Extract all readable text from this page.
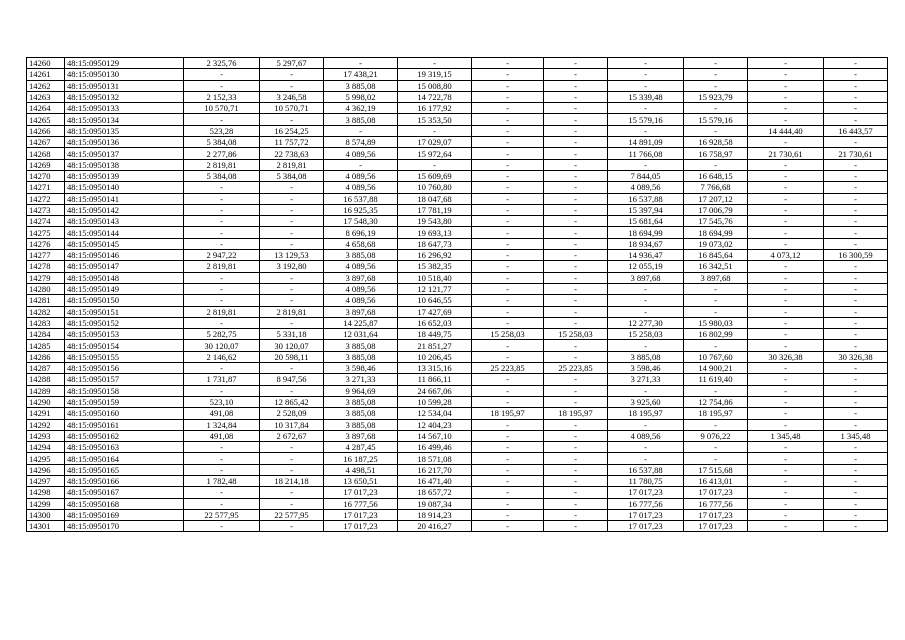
14260	48:15:0950129	2 325,76	5 297,67	-	-	-	-	-	-	-	-
14261	48:15:0950130	-	-	17 438,21	19 319,15	-	-	-	-	-	-
14262	48:15:0950131	-	-	3 885,08	15 008,80	-	-	-	-	-	-
14263	48:15:0950132	2 152,33	3 246,58	5 998,02	14 722,78	-	-	15 339,48	15 923,79	-	-
14264	48:15:0950133	10 570,71	10 570,71	4 362,19	16 177,92	-	-	-	-	-	-
14265	48:15:0950134	-	-	3 885,08	15 353,50	-	-	15 579,16	15 579,16	-	-
14266	48:15:0950135	523,28	16 254,25	-	-	-	-	-	-	14 444,40	16 443,57
14267	48:15:0950136	5 384,08	11 757,72	8 574,89	17 029,07	-	-	14 891,09	16 928,58	-	-
14268	48:15:0950137	2 277,86	22 738,63	4 089,56	15 972,64	-	-	11 766,08	16 758,97	21 730,61	21 730,61
14269	48:15:0950138	2 819,81	2 819,81	-	-	-	-	-	-	-	-
14270	48:15:0950139	5 384,08	5 384,08	4 089,56	15 609,69	-	-	7 844,05	16 648,15	-	-
14271	48:15:0950140	-	-	4 089,56	10 760,80	-	-	4 089,56	7 766,68	-	-
14272	48:15:0950141	-	-	16 537,88	18 047,68	-	-	16 537,88	17 207,12	-	-
14273	48:15:0950142	-	-	16 925,35	17 781,19	-	-	15 397,94	17 006,79	-	-
14274	48:15:0950143	-	-	17 548,30	19 543,80	-	-	15 681,64	17 545,76	-	-
14275	48:15:0950144	-	-	8 696,19	19 693,13	-	-	18 694,99	18 694,99	-	-
14276	48:15:0950145	-	-	4 658,68	18 647,73	-	-	18 934,67	19 073,02	-	-
14277	48:15:0950146	2 947,22	13 129,53	3 885,08	16 296,92	-	-	14 936,47	16 845,64	4 073,12	16 300,59
14278	48:15:0950147	2 819,81	3 192,80	4 089,56	15 382,35	-	-	12 055,19	16 342,51	-	-
14279	48:15:0950148	-	-	3 897,68	10 518,40	-	-	3 897,68	3 897,68	-	-
14280	48:15:0950149	-	-	4 089,56	12 121,77	-	-	-	-	-	-
14281	48:15:0950150	-	-	4 089,56	10 646,55	-	-	-	-	-	-
14282	48:15:0950151	2 819,81	2 819,81	3 897,68	17 427,69	-	-	-	-	-	-
14283	48:15:0950152	-	-	14 225,87	16 652,03	-	-	12 277,30	15 980,03	-	-
14284	48:15:0950153	5 282,75	5 331,18	12 031,64	18 449,75	15 258,03	15 258,03	15 258,03	16 802,99	-	-
14285	48:15:0950154	30 120,07	30 120,07	3 885,08	21 851,27	-	-	-	-	-	-
14286	48:15:0950155	2 146,62	20 598,11	3 885,08	10 206,45	-	-	3 885,08	10 767,60	30 326,38	30 326,38
14287	48:15:0950156	-	-	3 598,46	13 315,16	25 223,85	25 223,85	3 598,46	14 900,21	-	-
14288	48:15:0950157	1 731,87	8 947,56	3 271,33	11 866,11	-	-	3 271,33	11 619,40	-	-
14289	48:15:0950158	-	-	9 964,69	24 667,06	-	-	-	-	-	-
14290	48:15:0950159	523,10	12 865,42	3 885,08	10 599,28	-	-	3 925,60	12 754,86	-	-
14291	48:15:0950160	491,08	2 528,09	3 885,08	12 534,04	18 195,97	18 195,97	18 195,97	18 195,97	-	-
14292	48:15:0950161	1 324,84	10 317,84	3 885,08	12 404,23	-	-	-	-	-	-
14293	48:15:0950162	491,08	2 672,67	3 897,68	14 567,10	-	-	4 089,56	9 076,22	1 345,48	1 345,48
14294	48:15:0950163	-	-	4 287,45	16 499,46	-	-	-	-	-	-
14295	48:15:0950164	-	-	16 187,25	18 571,08	-	-	-	-	-	-
14296	48:15:0950165	-	-	4 498,51	16 217,70	-	-	16 537,88	17 515,68	-	-
14297	48:15:0950166	1 782,48	18 214,18	13 650,51	16 471,40	-	-	11 780,75	16 413,01	-	-
14298	48:15:0950167	-	-	17 017,23	18 657,72	-	-	17 017,23	17 017,23	-	-
14299	48:15:0950168	-	-	16 777,56	19 087,34	-	-	16 777,56	16 777,56	-	-
14300	48:15:0950169	22 577,95	22 577,95	17 017,23	18 914,23	-	-	17 017,23	17 017,23	-	-
14301	48:15:0950170	-	-	17 017,23	20 416,27	-	-	17 017,23	17 017,23	-	-
